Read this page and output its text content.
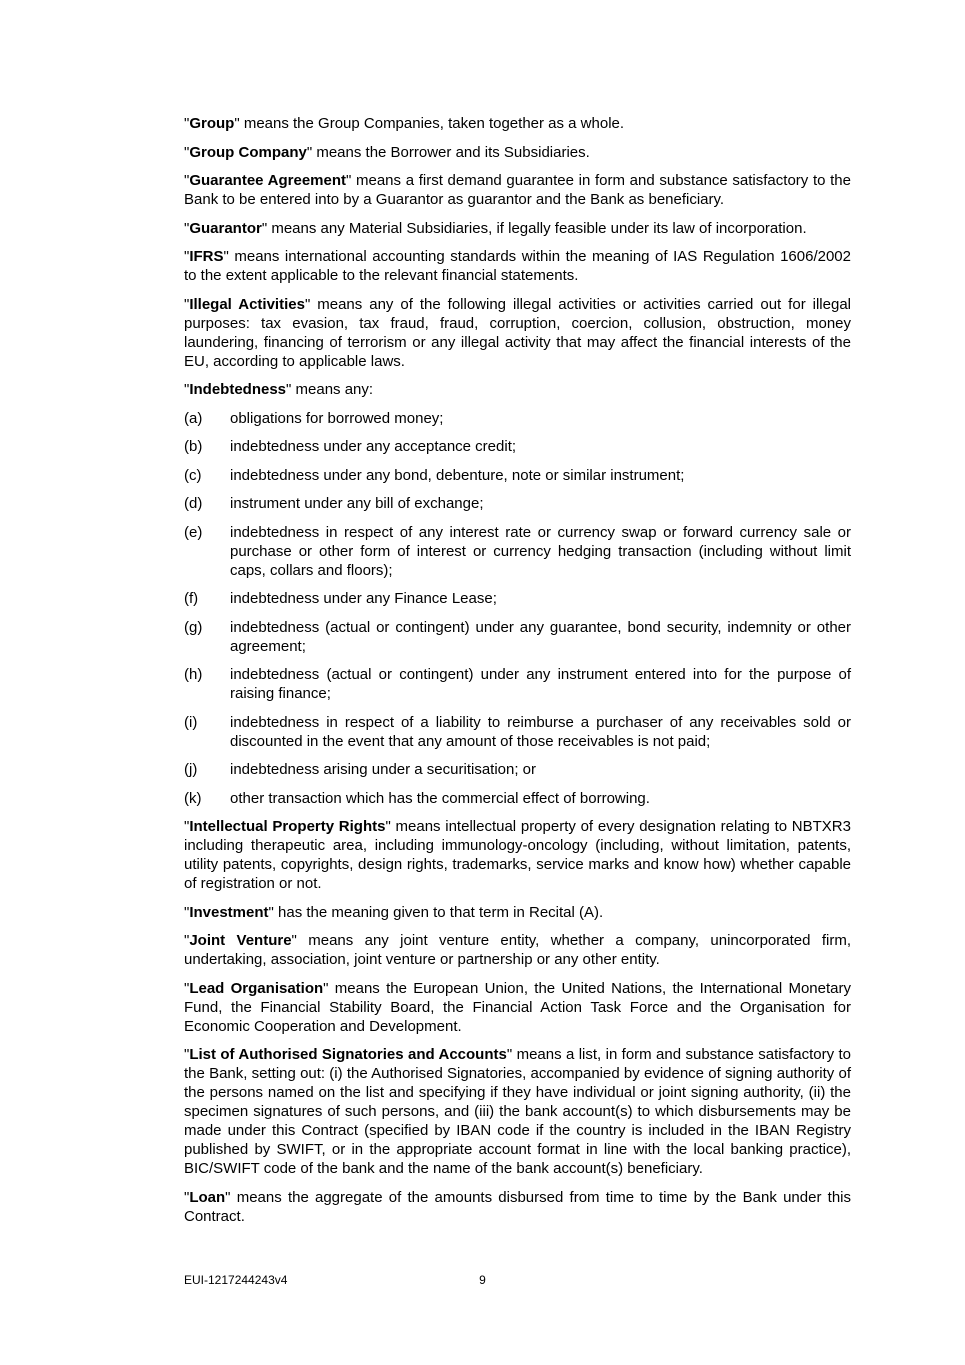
"Group" means the Group Companies, taken together as a whole.

"Group Company" means the Borrower and its Subsidiaries.

"Guarantee Agreement" means a first demand guarantee in form and substance satisfactory to the Bank to be entered into by a Guarantor as guarantor and the Bank as beneficiary.

"Guarantor" means any Material Subsidiaries, if legally feasible under its law of incorporation.

"IFRS" means international accounting standards within the meaning of IAS Regulation 1606/2002 to the extent applicable to the relevant financial statements.

"Illegal Activities" means any of the following illegal activities or activities carried out for illegal purposes: tax evasion, tax fraud, fraud, corruption, coercion, collusion, obstruction, money laundering, financing of terrorism or any illegal activity that may affect the financial interests of the EU, according to applicable laws.

"Indebtedness" means any:

(a)	obligations for borrowed money;
(b)	indebtedness under any acceptance credit;
(c)	indebtedness under any bond, debenture, note or similar instrument;
(d)	instrument under any bill of exchange;
(e)	indebtedness in respect of any interest rate or currency swap or forward currency sale or purchase or other form of interest or currency hedging transaction (including without limit caps, collars and floors);
(f)	indebtedness under any Finance Lease;
(g)	indebtedness (actual or contingent) under any guarantee, bond security, indemnity or other agreement;
(h)	indebtedness (actual or contingent) under any instrument entered into for the purpose of raising finance;
(i)	indebtedness in respect of a liability to reimburse a purchaser of any receivables sold or discounted in the event that any amount of those receivables is not paid;
(j)	indebtedness arising under a securitisation; or
(k)	other transaction which has the commercial effect of borrowing.

"Intellectual Property Rights" means intellectual property of every designation relating to NBTXR3 including therapeutic area, including immunology-oncology (including, without limitation, patents, utility patents, copyrights, design rights, trademarks, service marks and know how) whether capable of registration or not.

"Investment" has the meaning given to that term in Recital (A).

"Joint Venture" means any joint venture entity, whether a company, unincorporated firm, undertaking, association, joint venture or partnership or any other entity.

"Lead Organisation" means the European Union, the United Nations, the International Monetary Fund, the Financial Stability Board, the Financial Action Task Force and the Organisation for Economic Cooperation and Development.

"List of Authorised Signatories and Accounts" means a list, in form and substance satisfactory to the Bank, setting out: (i) the Authorised Signatories, accompanied by evidence of signing authority of the persons named on the list and specifying if they have individual or joint signing authority, (ii) the specimen signatures of such persons, and (iii) the bank account(s) to which disbursements may be made under this Contract (specified by IBAN code if the country is included in the IBAN Registry published by SWIFT, or in the appropriate account format in line with the local banking practice), BIC/SWIFT code of the bank and the name of the bank account(s) beneficiary.

"Loan" means the aggregate of the amounts disbursed from time to time by the Bank under this Contract.

EUI-1217244243v4	9
